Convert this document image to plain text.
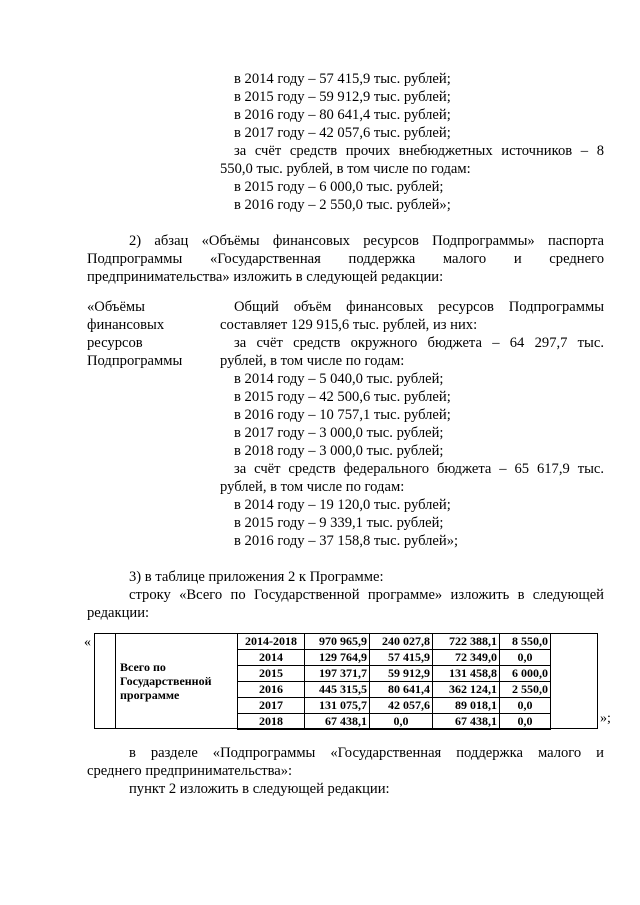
в 2014 году – 57 415,9 тыс. рублей;
в 2015 году – 59 912,9 тыс. рублей;
в 2016 году – 80 641,4 тыс. рублей;
в 2017 году – 42 057,6 тыс. рублей;
за счёт средств прочих внебюджетных источников – 8
550,0 тыс. рублей, в том числе по годам:
в 2015 году – 6 000,0 тыс. рублей;
в 2016 году – 2 550,0 тыс. рублей»;
2) абзац «Объёмы финансовых ресурсов Подпрограммы» паспорта
Подпрограммы «Государственная поддержка малого и среднего
предпринимательства» изложить в следующей редакции:
«Объёмы
финансовых
ресурсов
Подпрограммы
Общий объём финансовых ресурсов Подпрограммы
составляет 129 915,6 тыс. рублей, из них:
за счёт средств окружного бюджета – 64 297,7 тыс.
рублей, в том числе по годам:
в 2014 году – 5 040,0 тыс. рублей;
в 2015 году – 42 500,6 тыс. рублей;
в 2016 году – 10 757,1 тыс. рублей;
в 2017 году – 3 000,0 тыс. рублей;
в 2018 году – 3 000,0 тыс. рублей;
за счёт средств федерального бюджета – 65 617,9 тыс.
рублей, в том числе по годам:
в 2014 году – 19 120,0 тыс. рублей;
в 2015 году – 9 339,1 тыс. рублей;
в 2016 году – 37 158,8 тыс. рублей»;
3) в таблице приложения 2 к Программе:
строку «Всего по Государственной программе» изложить в следующей
редакции:
«
Всего по Государственной программе
2014-2018	970 965,9	240 027,8	722 388,1	8 550,0
2014	129 764,9	57 415,9	72 349,0	0,0
2015	197 371,7	59 912,9	131 458,8	6 000,0
2016	445 315,5	80 641,4	362 124,1	2 550,0
2017	131 075,7	42 057,6	89 018,1	0,0
2018	67 438,1	0,0	67 438,1	0,0	»;
в разделе «Подпрограммы «Государственная поддержка малого и
среднего предпринимательства»:
пункт 2 изложить в следующей редакции:
